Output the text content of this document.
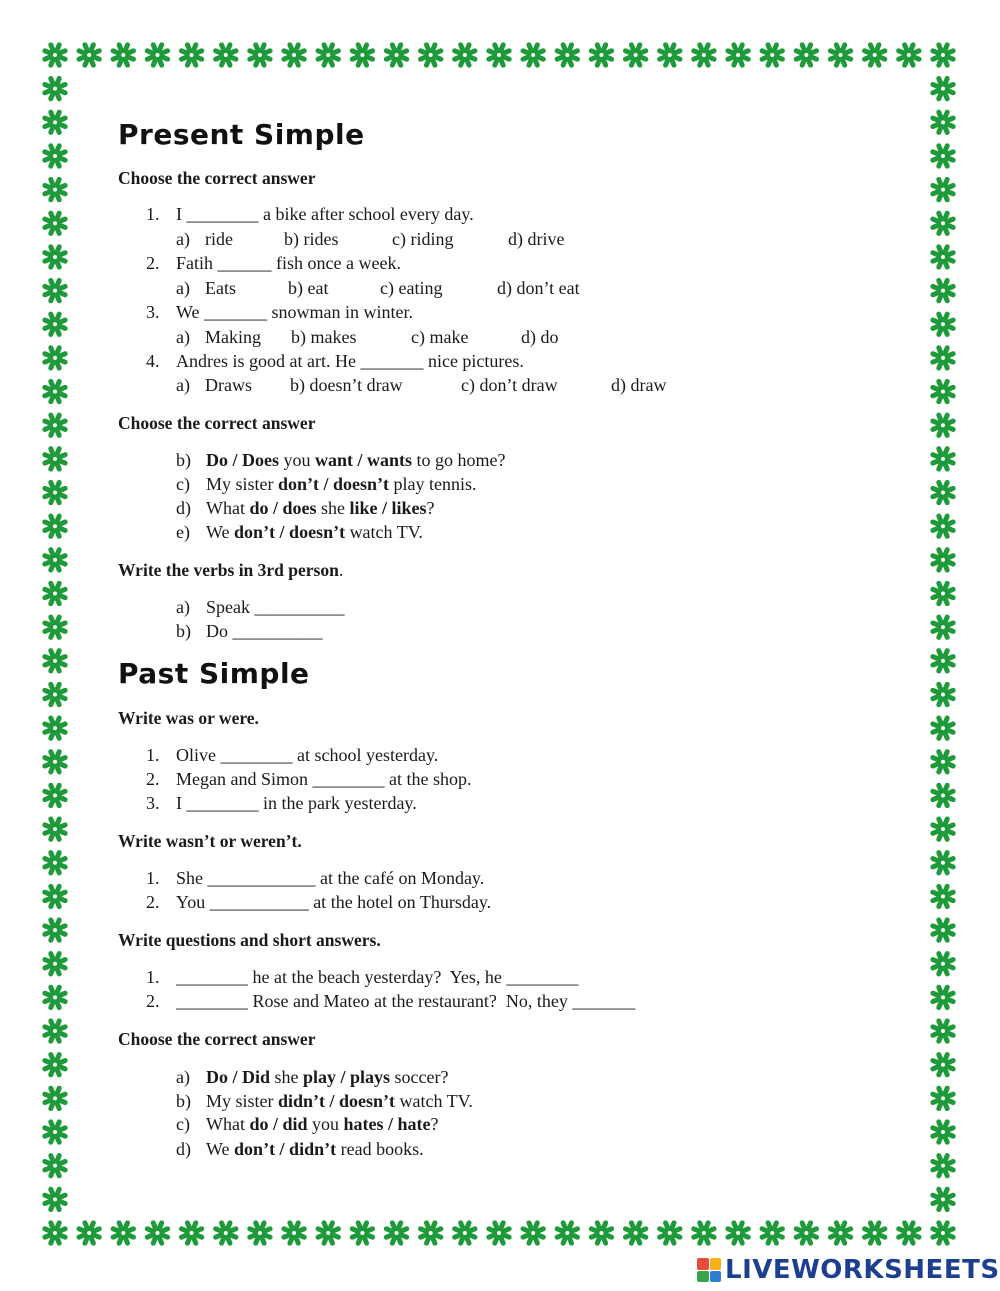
Present Simple
Choose the correct answer
1. I ________ a bike after school every day.
a) ride	b) rides	c) riding	d) drive
2. Fatih ______ fish once a week.
a) Eats	b) eat	c) eating	d) don’t eat
3. We _______ snowman in winter.
a) Making b) makes	c) make	d) do
4. Andres is good at art. He _______ nice pictures.
a) Draws b) doesn’t draw	c) don’t draw	d) draw
Choose the correct answer
b) Do / Does you want / wants to go home?
c) My sister don’t / doesn’t play tennis.
d) What do / does she like / likes?
e) We don’t / doesn’t watch TV.
Write the verbs in 3rd person.
a) Speak __________
b) Do __________
Past Simple
Write was or were.
1. Olive ________ at school yesterday.
2. Megan and Simon ________ at the shop.
3. I ________ in the park yesterday.
Write wasn’t or weren’t.
1. She ____________ at the café on Monday.
2. You ___________ at the hotel on Thursday.
Write questions and short answers.
1. ________ he at the beach yesterday?  Yes, he ________
2. ________ Rose and Mateo at the restaurant?  No, they _______
Choose the correct answer
a) Do / Did she play / plays soccer?
b) My sister didn’t / doesn’t watch TV.
c) What do / did you hates / hate?
d) We don’t / didn’t read books.
LIVEWORKSHEETS
